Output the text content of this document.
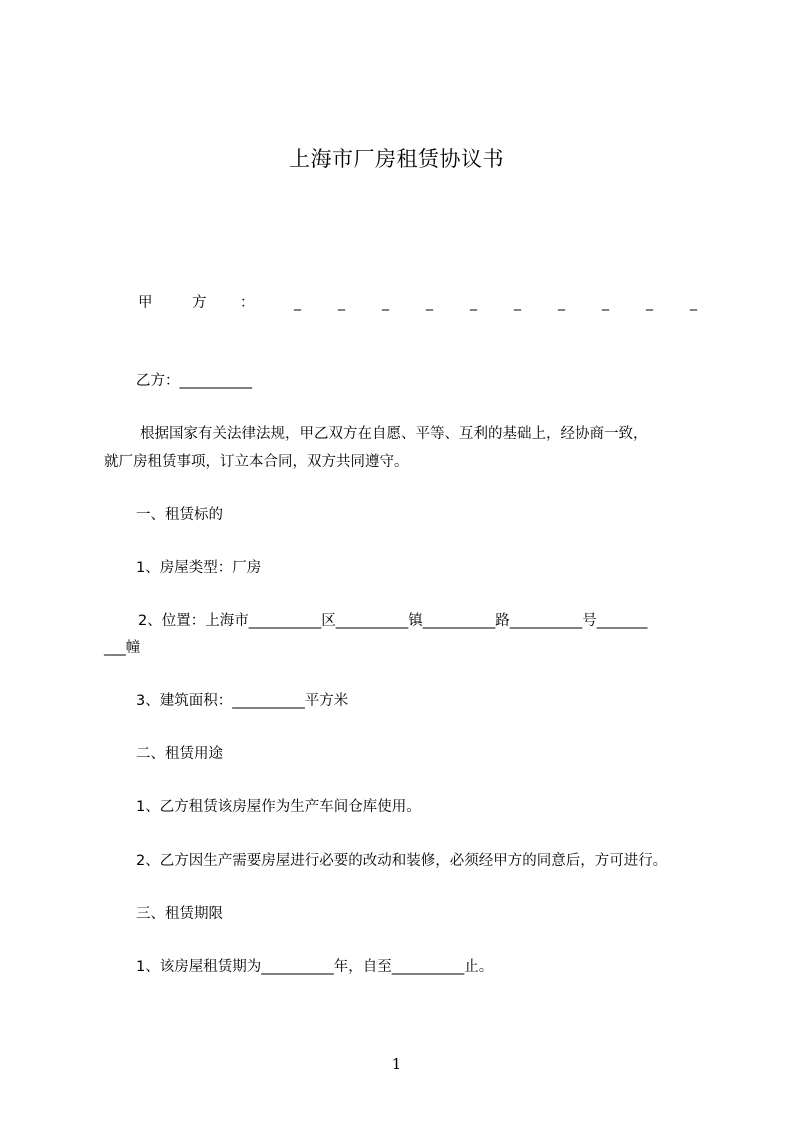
上海市厂房租赁协议书
甲	方 ：	_	_	_	_	_	_	_	_	_	_
乙方：__________
根据国家有关法律法规，甲乙双方在自愿、平等、互利的基础上，经协商一致，
就厂房租赁事项，订立本合同，双方共同遵守。
一、租赁标的
1、房屋类型：厂房
2、位置：上海市__________区__________镇__________路__________号_______
___幢
3、建筑面积：__________平方米
二、租赁用途
1、乙方租赁该房屋作为生产车间仓库使用。
2、乙方因生产需要房屋进行必要的改动和装修，必须经甲方的同意后，方可进行。
三、租赁期限
1、该房屋租赁期为__________年，自至__________止。
1
